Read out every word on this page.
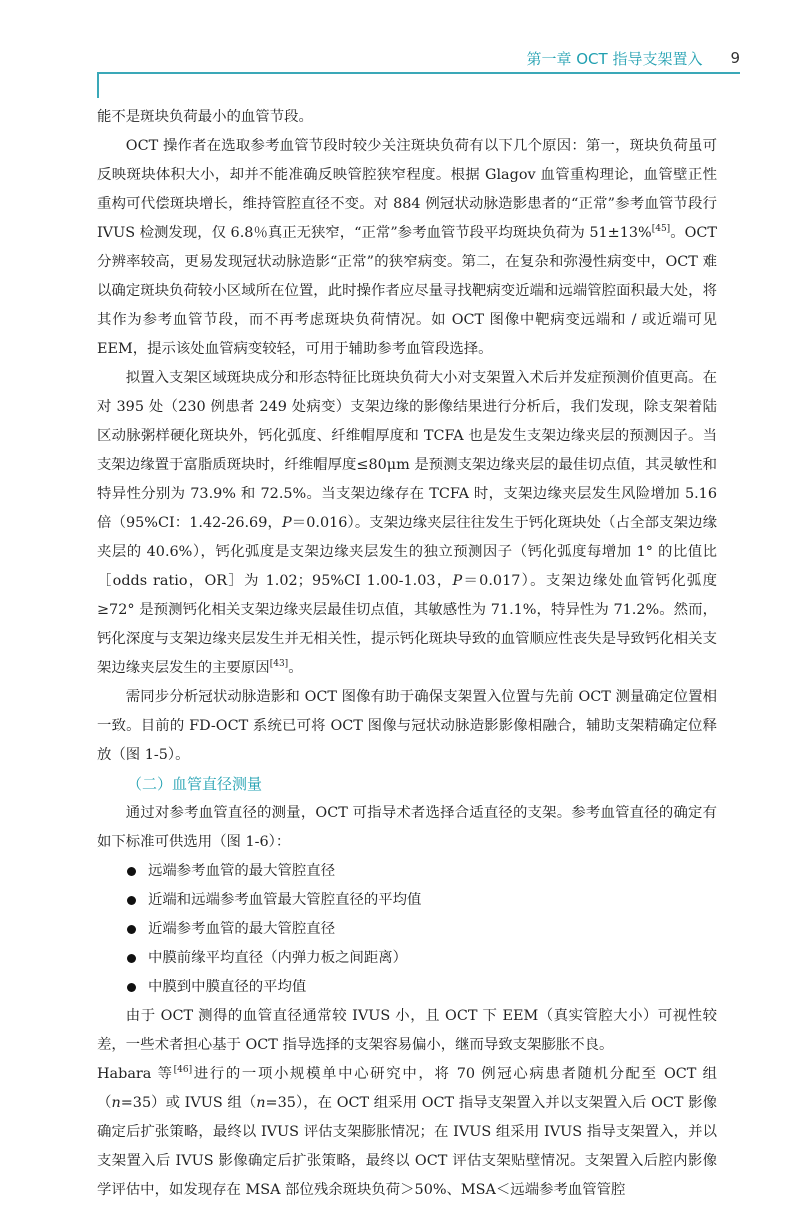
第一章 OCT 指导支架置入 9

能不是斑块负荷最小的血管节段。

OCT 操作者在选取参考血管节段时较少关注斑块负荷有以下几个原因：第一，斑块负荷虽可反映斑块体积大小，却并不能准确反映管腔狭窄程度。根据 Glagov 血管重构理论，血管壁正性重构可代偿斑块增长，维持管腔直径不变。对 884 例冠状动脉造影患者的“正常”参考血管节段行 IVUS 检测发现，仅 6.8％真正无狭窄，“正常”参考血管节段平均斑块负荷为 51±13%[45]。OCT 分辨率较高，更易发现冠状动脉造影“正常”的狭窄病变。第二，在复杂和弥漫性病变中，OCT 难以确定斑块负荷较小区域所在位置，此时操作者应尽量寻找靶病变近端和远端管腔面积最大处，将其作为参考血管节段，而不再考虑斑块负荷情况。如 OCT 图像中靶病变远端和 / 或近端可见 EEM，提示该处血管病变较轻，可用于辅助参考血管段选择。

拟置入支架区域斑块成分和形态特征比斑块负荷大小对支架置入术后并发症预测价值更高。在对 395 处（230 例患者 249 处病变）支架边缘的影像结果进行分析后，我们发现，除支架着陆区动脉粥样硬化斑块外，钙化弧度、纤维帽厚度和 TCFA 也是发生支架边缘夹层的预测因子。当支架边缘置于富脂质斑块时，纤维帽厚度≤80μm 是预测支架边缘夹层的最佳切点值，其灵敏性和特异性分别为 73.9% 和 72.5%。当支架边缘存在 TCFA 时，支架边缘夹层发生风险增加 5.16 倍（95%CI：1.42-26.69，P＝0.016）。支架边缘夹层往往发生于钙化斑块处（占全部支架边缘夹层的 40.6%），钙化弧度是支架边缘夹层发生的独立预测因子（钙化弧度每增加 1° 的比值比［odds ratio，OR］为 1.02；95%CI 1.00-1.03，P＝0.017）。支架边缘处血管钙化弧度≥72° 是预测钙化相关支架边缘夹层最佳切点值，其敏感性为 71.1%，特异性为 71.2%。然而，钙化深度与支架边缘夹层发生并无相关性，提示钙化斑块导致的血管顺应性丧失是导致钙化相关支架边缘夹层发生的主要原因[43]。

需同步分析冠状动脉造影和 OCT 图像有助于确保支架置入位置与先前 OCT 测量确定位置相一致。目前的 FD-OCT 系统已可将 OCT 图像与冠状动脉造影影像相融合，辅助支架精确定位释放（图 1-5）。

（二）血管直径测量

通过对参考血管直径的测量，OCT 可指导术者选择合适直径的支架。参考血管直径的确定有如下标准可供选用（图 1-6）：

远端参考血管的最大管腔直径
近端和远端参考血管最大管腔直径的平均值
近端参考血管的最大管腔直径
中膜前缘平均直径（内弹力板之间距离）
中膜到中膜直径的平均值

由于 OCT 测得的血管直径通常较 IVUS 小，且 OCT 下 EEM（真实管腔大小）可视性较差，一些术者担心基于 OCT 指导选择的支架容易偏小，继而导致支架膨胀不良。

Habara 等[46]进行的一项小规模单中心研究中，将 70 例冠心病患者随机分配至 OCT 组（n=35）或 IVUS 组（n=35），在 OCT 组采用 OCT 指导支架置入并以支架置入后 OCT 影像确定后扩张策略，最终以 IVUS 评估支架膨胀情况；在 IVUS 组采用 IVUS 指导支架置入，并以支架置入后 IVUS 影像确定后扩张策略，最终以 OCT 评估支架贴壁情况。支架置入后腔内影像学评估中，如发现存在 MSA 部位残余斑块负荷＞50%、MSA＜远端参考血管管腔
